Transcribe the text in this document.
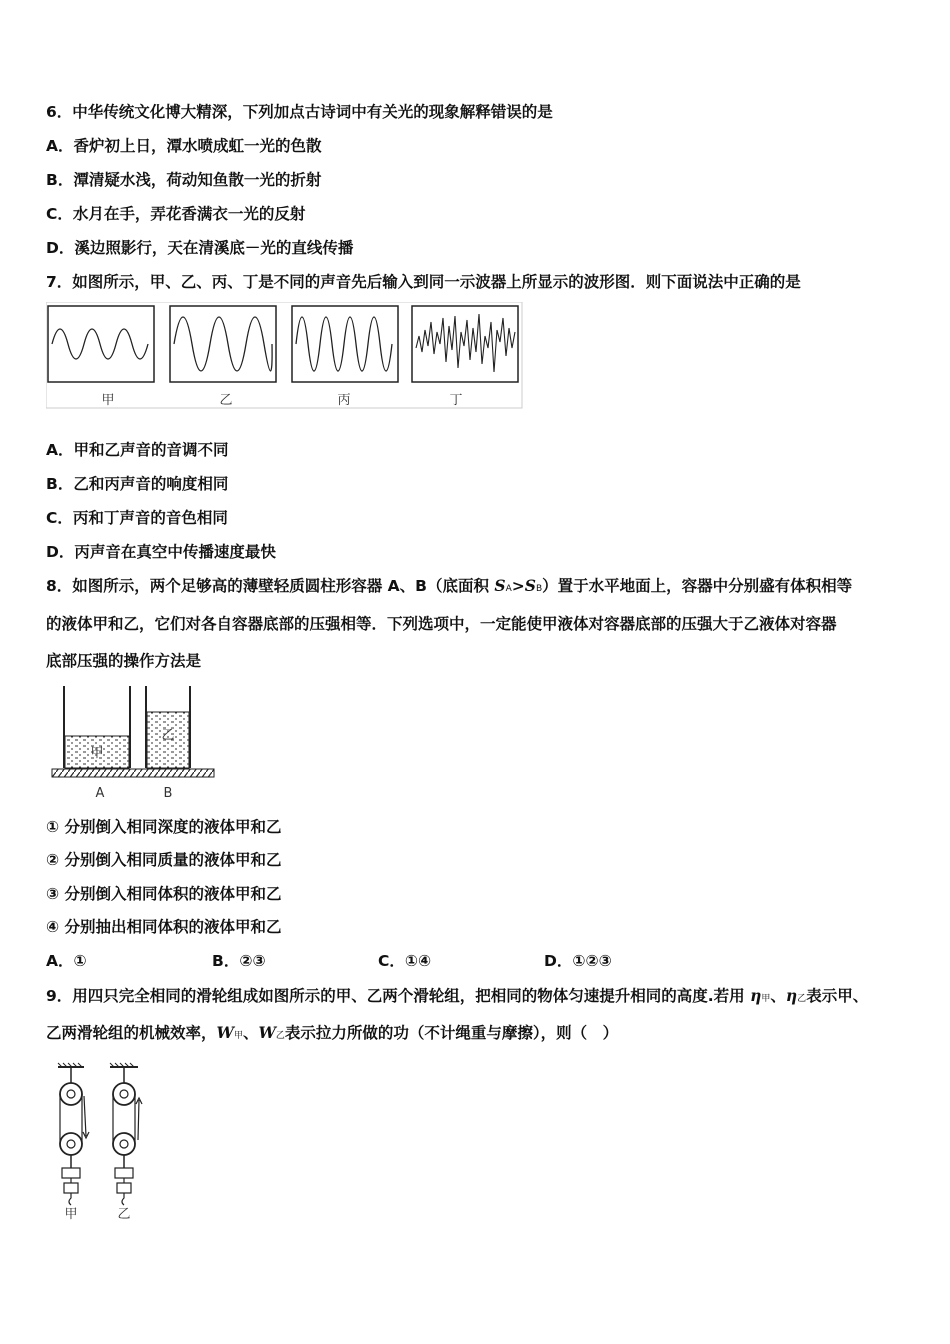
6．中华传统文化博大精深，下列加点古诗词中有关光的现象解释错误的是
A．香炉初上日，潭水喷成虹一光的色散
B．潭清疑水浅，荷动知鱼散一光的折射
C．水月在手，弄花香满衣一光的反射
D．溪边照影行，天在清溪底－光的直线传播
7．如图所示，甲、乙、丙、丁是不同的声音先后输入到同一示波器上所显示的波形图．则下面说法中正确的是
甲	乙	丙	丁
A．甲和乙声音的音调不同
B．乙和丙声音的响度相同
C．丙和丁声音的音色相同
D．丙声音在真空中传播速度最快
8．如图所示，两个足够高的薄壁轻质圆柱形容器 A、B（底面积 SA>SB）置于水平地面上，容器中分别盛有体积相等
的液体甲和乙，它们对各自容器底部的压强相等．下列选项中，一定能使甲液体对容器底部的压强大于乙液体对容器
底部压强的操作方法是
甲
乙
A	B
① 分别倒入相同深度的液体甲和乙
② 分别倒入相同质量的液体甲和乙
③ 分别倒入相同体积的液体甲和乙
④ 分别抽出相同体积的液体甲和乙
A．①	B．②③	C．①④	D．①②③
9．用四只完全相同的滑轮组成如图所示的甲、乙两个滑轮组，把相同的物体匀速提升相同的高度.若用 η甲、η乙表示甲、
乙两滑轮组的机械效率，W甲、W乙表示拉力所做的功（不计绳重与摩擦），则（　）
甲	乙
